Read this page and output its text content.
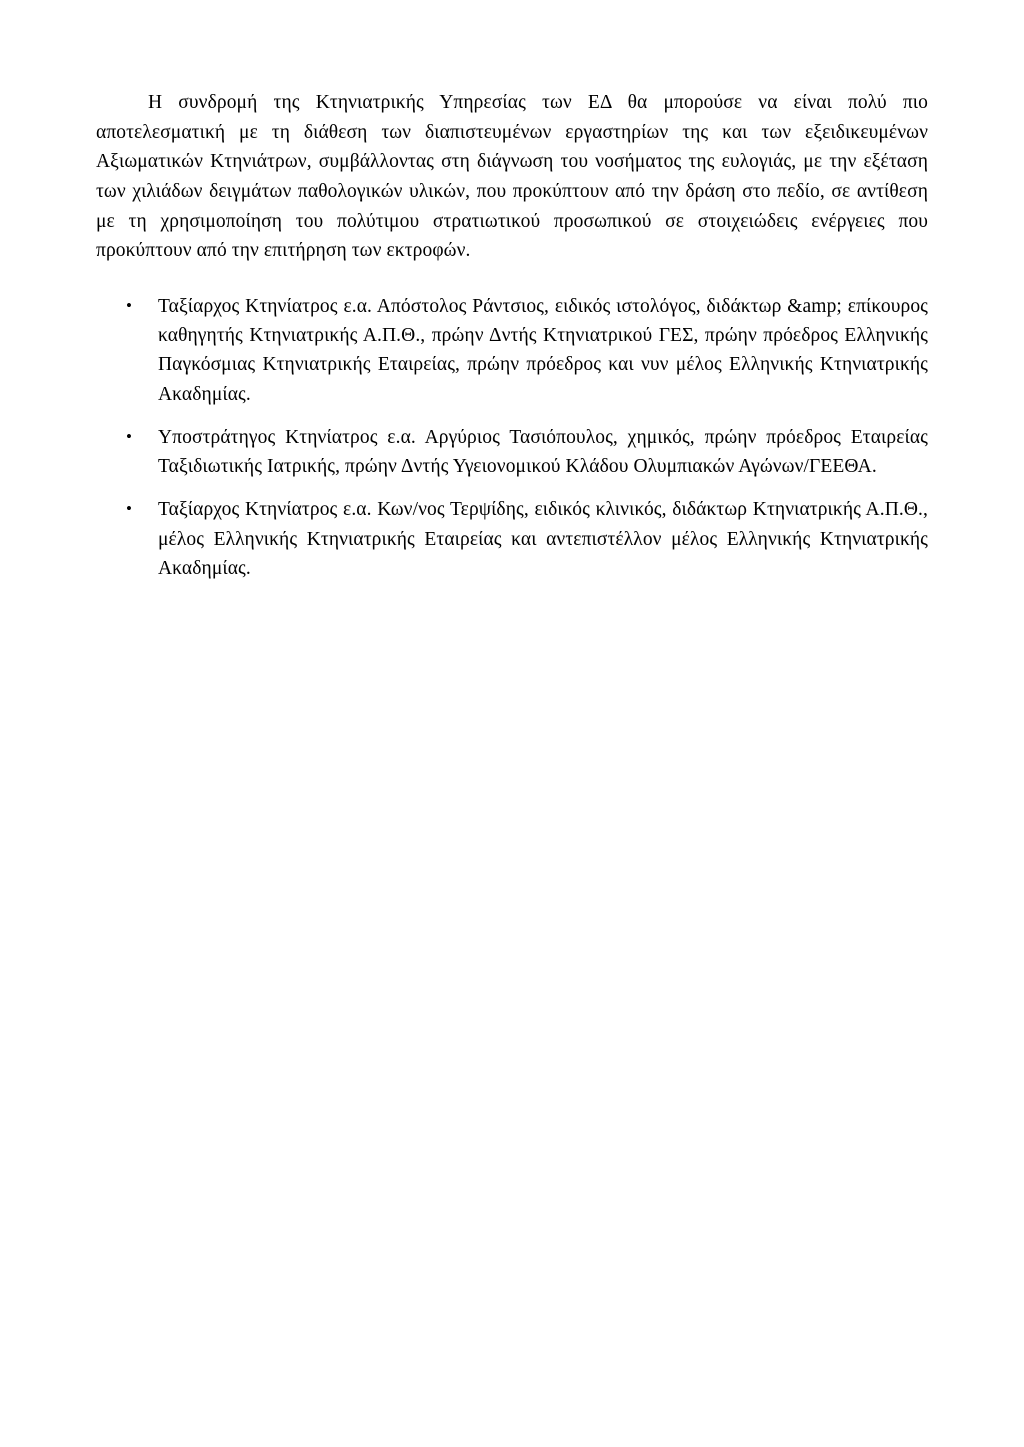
Η συνδρομή της Κτηνιατρικής Υπηρεσίας των ΕΔ θα μπορούσε να είναι πολύ πιο αποτελεσματική με τη διάθεση των διαπιστευμένων εργαστηρίων της και των εξειδικευμένων Αξιωματικών Κτηνιάτρων, συμβάλλοντας στη διάγνωση του νοσήματος της ευλογιάς, με την εξέταση των χιλιάδων δειγμάτων παθολογικών υλικών, που προκύπτουν από την δράση στο πεδίο, σε αντίθεση με τη χρησιμοποίηση του πολύτιμου στρατιωτικού προσωπικού σε στοιχειώδεις ενέργειες που προκύπτουν από την επιτήρηση των εκτροφών.

• Ταξίαρχος Κτηνίατρος ε.α. Απόστολος Ράντσιος, ειδικός ιστολόγος, διδάκτωρ &amp; επίκουρος καθηγητής Κτηνιατρικής Α.Π.Θ., πρώην Δντής Κτηνιατρικού ΓΕΣ, πρώην πρόεδρος Ελληνικής Παγκόσμιας Κτηνιατρικής Εταιρείας, πρώην πρόεδρος και νυν μέλος Ελληνικής Κτηνιατρικής Ακαδημίας.
• Υποστράτηγος Κτηνίατρος ε.α. Αργύριος Τασιόπουλος, χημικός, πρώην πρόεδρος Εταιρείας Ταξιδιωτικής Ιατρικής, πρώην Δντής Υγειονομικού Κλάδου Ολυμπιακών Αγώνων/ΓΕΕΘΑ.
• Ταξίαρχος Κτηνίατρος ε.α. Κων/νος Τερψίδης, ειδικός κλινικός, διδάκτωρ Κτηνιατρικής Α.Π.Θ., μέλος Ελληνικής Κτηνιατρικής Εταιρείας και αντεπιστέλλον μέλος Ελληνικής Κτηνιατρικής Ακαδημίας.
